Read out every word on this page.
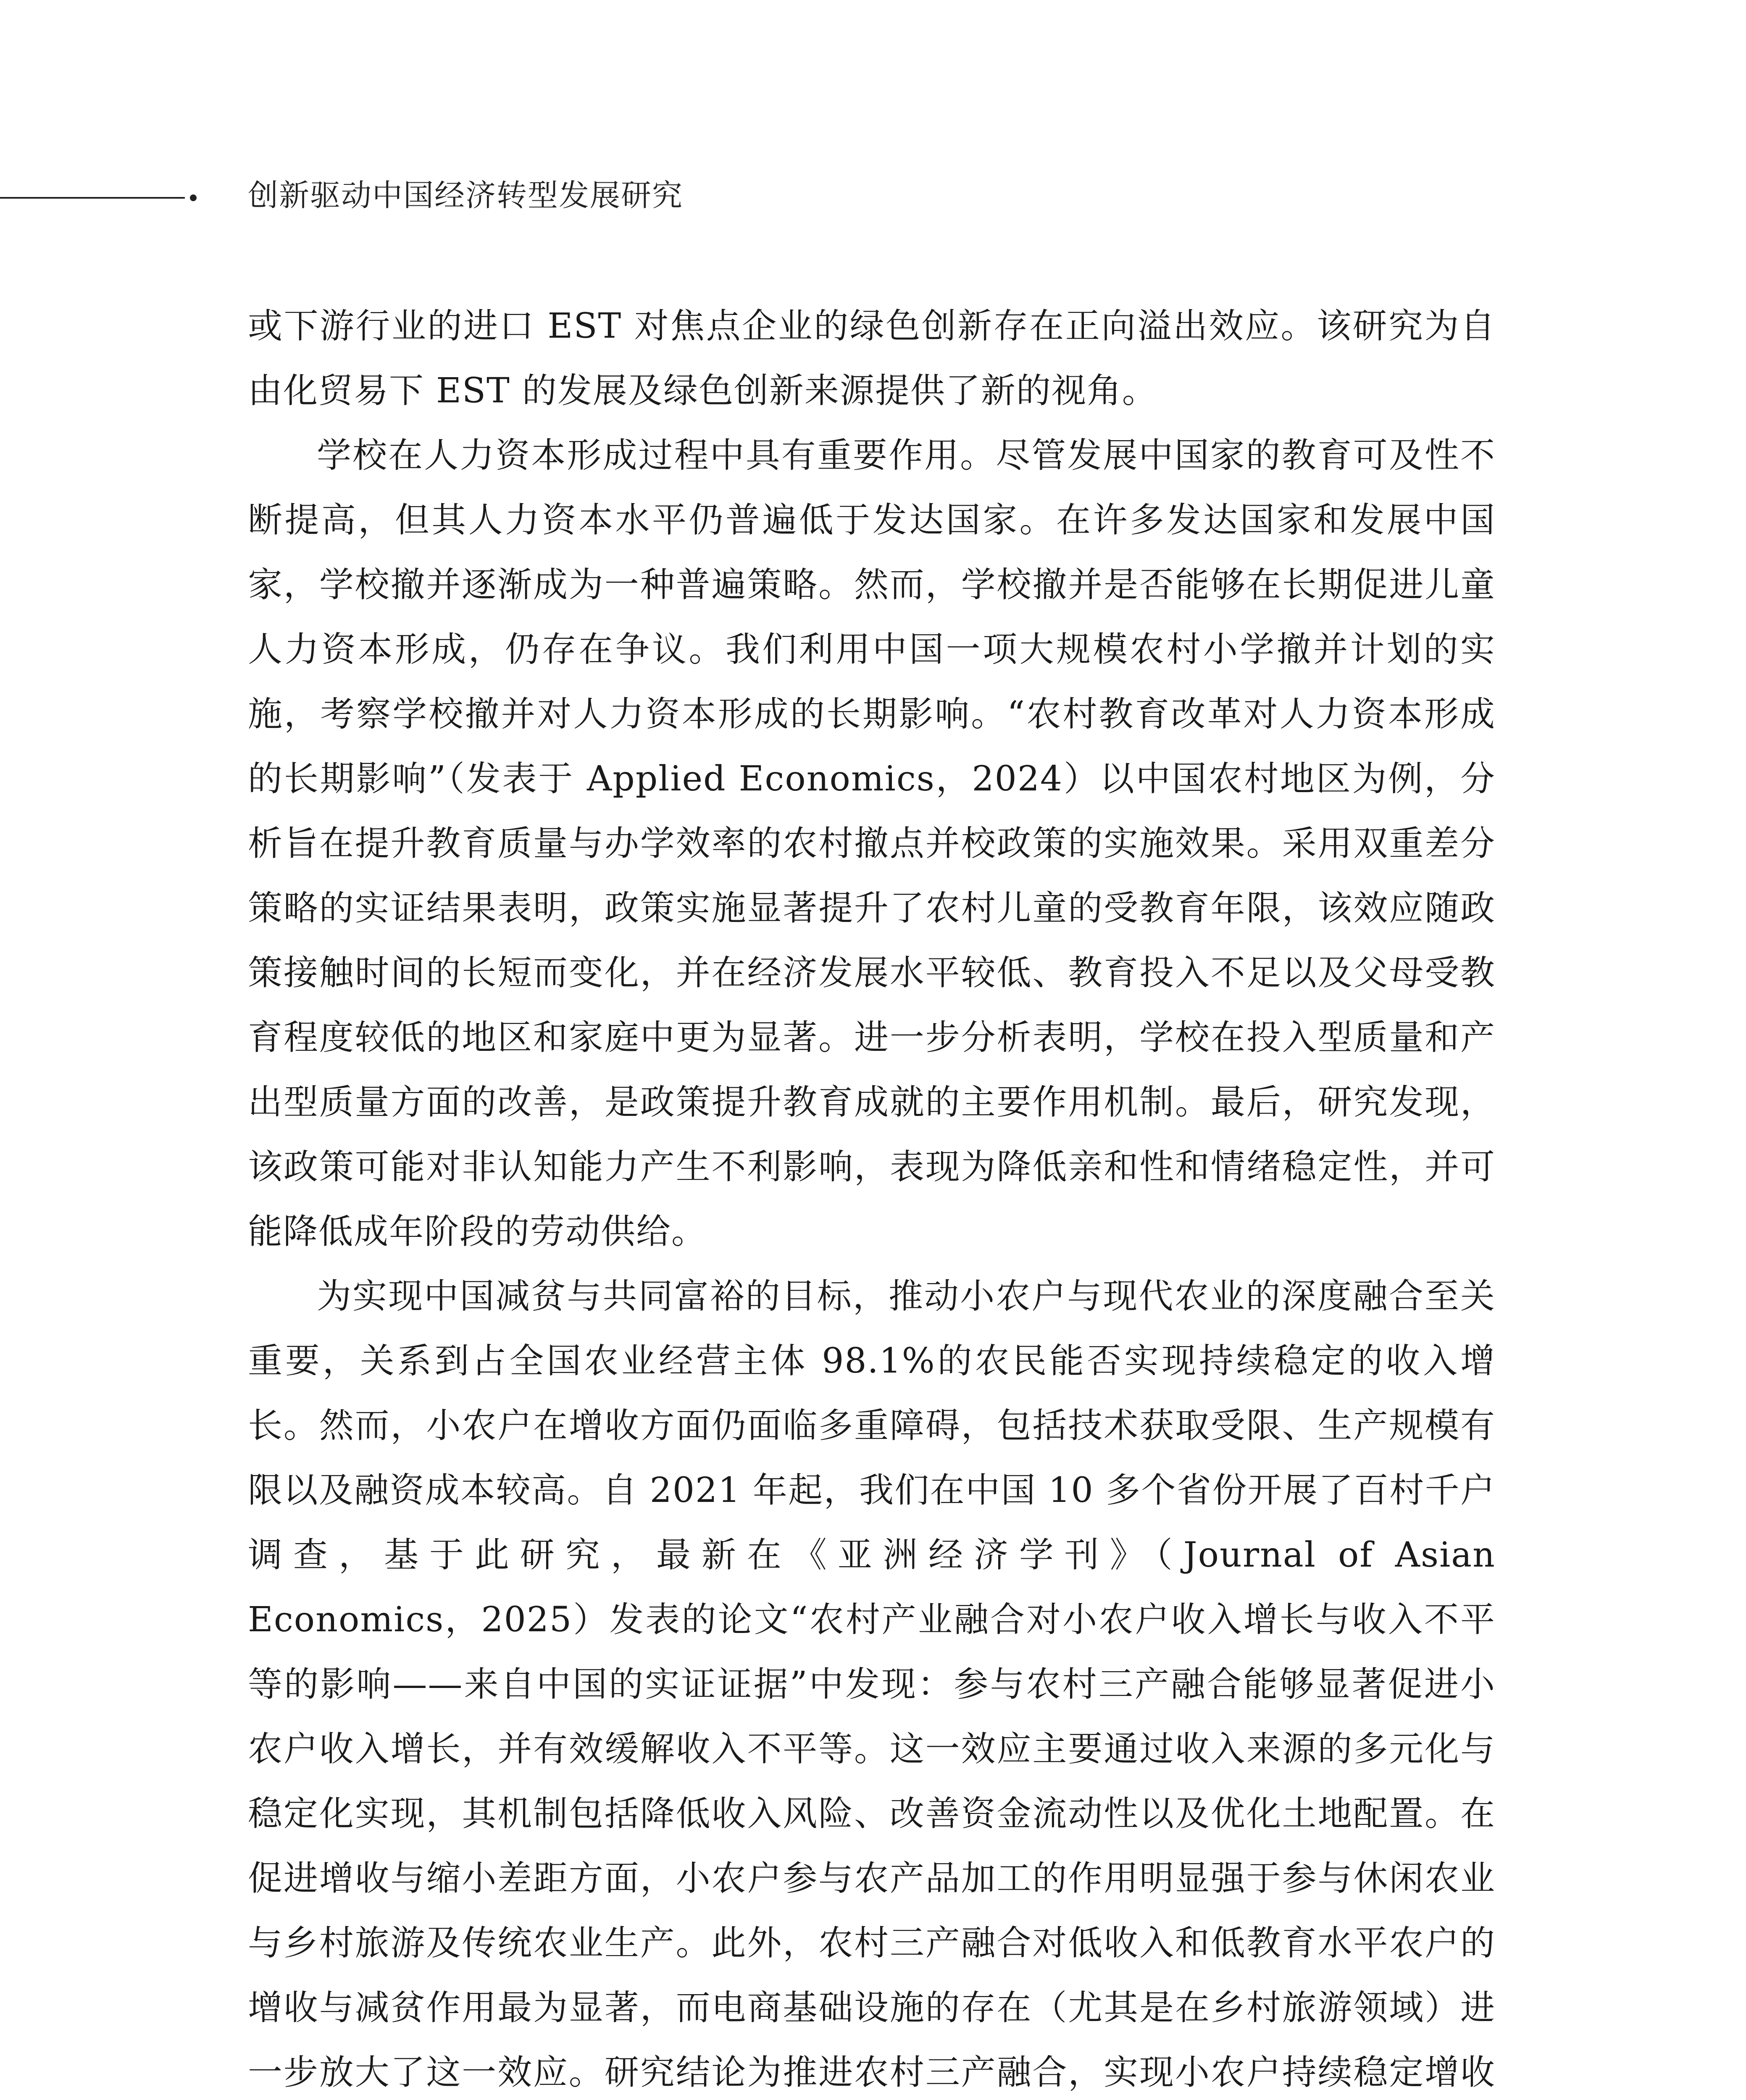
创新驱动中国经济转型发展研究

或下游行业的进口 EST 对焦点企业的绿色创新存在正向溢出效应。该研究为自由化贸易下 EST 的发展及绿色创新来源提供了新的视角。

学校在人力资本形成过程中具有重要作用。尽管发展中国家的教育可及性不断提高，但其人力资本水平仍普遍低于发达国家。在许多发达国家和发展中国家，学校撤并逐渐成为一种普遍策略。然而，学校撤并是否能够在长期促进儿童人力资本形成，仍存在争议。我们利用中国一项大规模农村小学撤并计划的实施，考察学校撤并对人力资本形成的长期影响。“农村教育改革对人力资本形成的长期影响”（发表于 Applied Economics，2024）以中国农村地区为例，分析旨在提升教育质量与办学效率的农村撤点并校政策的实施效果。采用双重差分策略的实证结果表明，政策实施显著提升了农村儿童的受教育年限，该效应随政策接触时间的长短而变化，并在经济发展水平较低、教育投入不足以及父母受教育程度较低的地区和家庭中更为显著。进一步分析表明，学校在投入型质量和产出型质量方面的改善，是政策提升教育成就的主要作用机制。最后，研究发现，该政策可能对非认知能力产生不利影响，表现为降低亲和性和情绪稳定性，并可能降低成年阶段的劳动供给。

为实现中国减贫与共同富裕的目标，推动小农户与现代农业的深度融合至关重要，关系到占全国农业经营主体 98.1%的农民能否实现持续稳定的收入增长。然而，小农户在增收方面仍面临多重障碍，包括技术获取受限、生产规模有限以及融资成本较高。自 2021 年起，我们在中国 10 多个省份开展了百村千户调查，基于此研究，最新在《亚洲经济学刊》（Journal of Asian Economics，2025）发表的论文“农村产业融合对小农户收入增长与收入不平等的影响——来自中国的实证证据”中发现：参与农村三产融合能够显著促进小农户收入增长，并有效缓解收入不平等。这一效应主要通过收入来源的多元化与稳定化实现，其机制包括降低收入风险、改善资金流动性以及优化土地配置。在促进增收与缩小差距方面，小农户参与农产品加工的作用明显强于参与休闲农业与乡村旅游及传统农业生产。此外，农村三产融合对低收入和低教育水平农户的增收与减贫作用最为显著，而电商基础设施的存在（尤其是在乡村旅游领域）进一步放大了这一效应。研究结论为推进农村三产融合，实现小农户持续稳定增收
